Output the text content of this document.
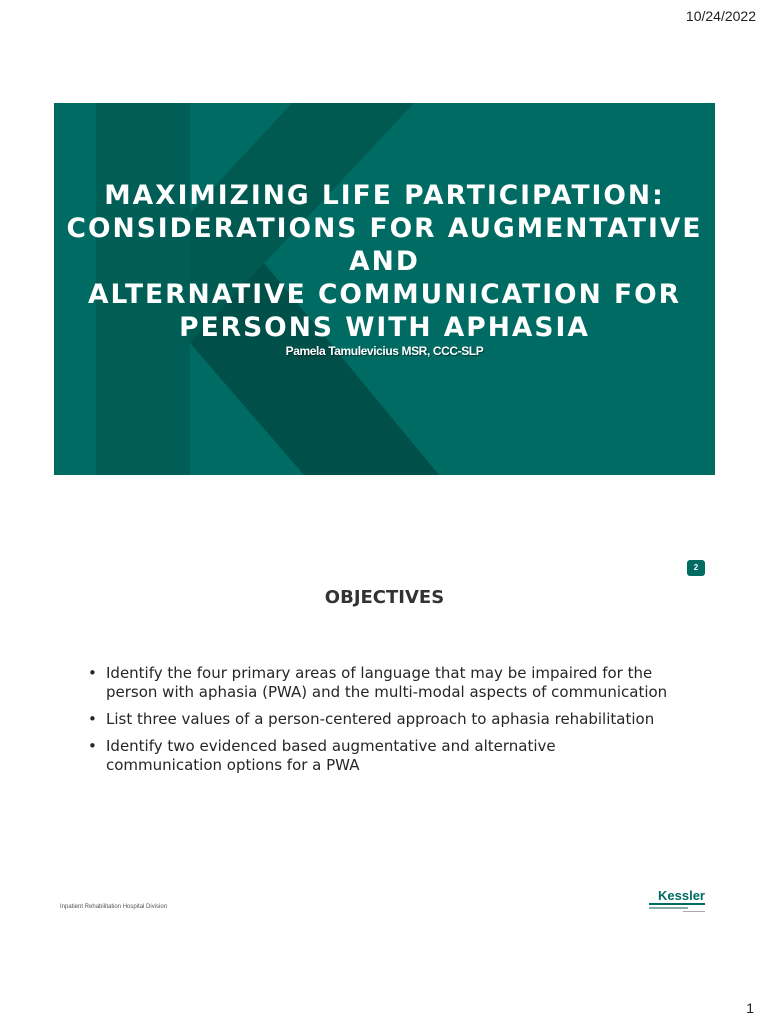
10/24/2022
MAXIMIZING LIFE PARTICIPATION:
CONSIDERATIONS FOR AUGMENTATIVE AND
ALTERNATIVE COMMUNICATION FOR
PERSONS WITH APHASIA
Pamela Tamulevicius MSR, CCC-SLP
2
OBJECTIVES
• Identify the four primary areas of language that may be impaired for the
person with aphasia (PWA) and the multi-modal aspects of communication
• List three values of a person-centered approach to aphasia rehabilitation
• Identify two evidenced based augmentative and alternative
communication options for a PWA
Inpatient Rehabilitation Hospital Division
Kessler
1
